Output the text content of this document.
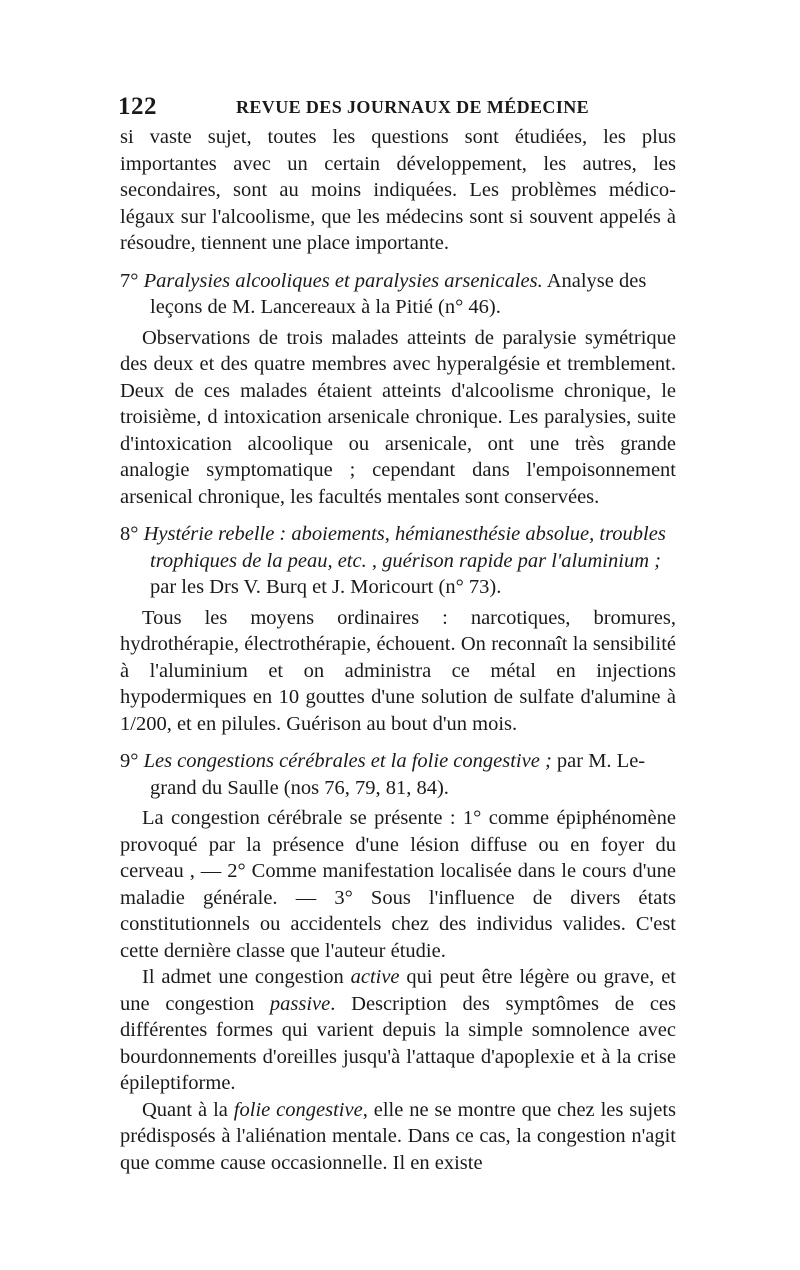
122	REVUE DES JOURNAUX DE MÉDECINE

si vaste sujet, toutes les questions sont étudiées, les plus importantes avec un certain développement, les autres, les secondaires, sont au moins indiquées. Les problèmes médico-légaux sur l'alcoolisme, que les médecins sont si souvent appelés à résoudre, tiennent une place importante.

7° Paralysies alcooliques et paralysies arsenicales. Analyse des
leçons de M. Lancereaux à la Pitié (n° 46).

Observations de trois malades atteints de paralysie symétrique des deux et des quatre membres avec hyperalgésie et tremblement. Deux de ces malades étaient atteints d'alcoolisme chronique, le troisième, d intoxication arsenicale chronique. Les paralysies, suite d'intoxication alcoolique ou arsenicale, ont une très grande analogie symptomatique ; cependant dans l'empoisonnement arsenical chronique, les facultés mentales sont conservées.

8° Hystérie rebelle : aboiements, hémianesthésie absolue, troubles
trophiques de la peau, etc. , guérison rapide par l'aluminium ;
par les Drs V. Burq et J. Moricourt (n° 73).

Tous les moyens ordinaires : narcotiques, bromures, hydrothérapie, électrothérapie, échouent. On reconnaît la sensibilité à l'aluminium et on administra ce métal en injections hypodermiques en 10 gouttes d'une solution de sulfate d'alumine à 1/200, et en pilules. Guérison au bout d'un mois.

9° Les congestions cérébrales et la folie congestive ; par M. Le-
grand du Saulle (nos 76, 79, 81, 84).

La congestion cérébrale se présente : 1° comme épiphénomène provoqué par la présence d'une lésion diffuse ou en foyer du cerveau , — 2° Comme manifestation localisée dans le cours d'une maladie générale. — 3° Sous l'influence de divers états constitutionnels ou accidentels chez des individus valides. C'est cette dernière classe que l'auteur étudie.

Il admet une congestion active qui peut être légère ou grave, et une congestion passive. Description des symptômes de ces différentes formes qui varient depuis la simple somnolence avec bourdonnements d'oreilles jusqu'à l'attaque d'apoplexie et à la crise épileptiforme.

Quant à la folie congestive, elle ne se montre que chez les sujets prédisposés à l'aliénation mentale. Dans ce cas, la congestion n'agit que comme cause occasionnelle. Il en existe
